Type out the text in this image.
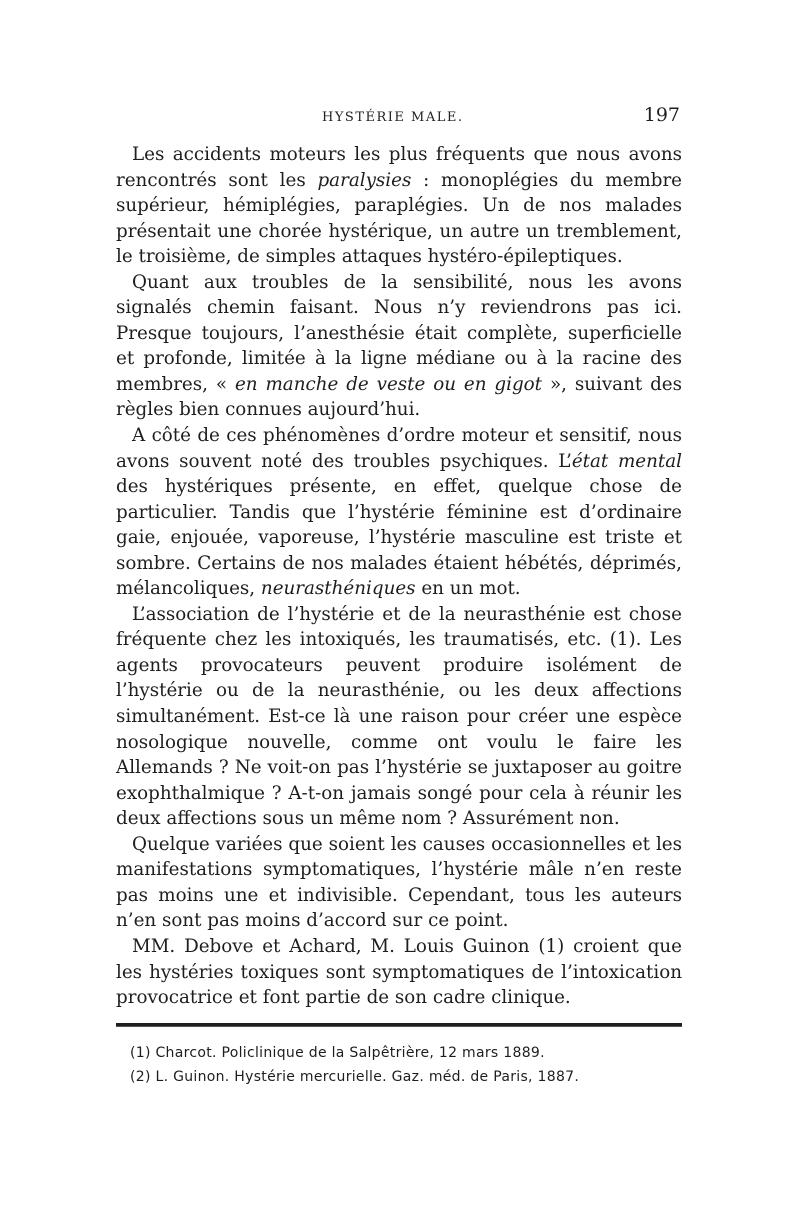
HYSTÉRIE MALE.	197

Les accidents moteurs les plus fréquents que nous avons rencontrés sont les paralysies : monoplégies du membre supérieur, hémiplégies, paraplégies. Un de nos malades présentait une chorée hystérique, un autre un tremblement, le troisième, de simples attaques hystéro-épileptiques.

Quant aux troubles de la sensibilité, nous les avons signalés chemin faisant. Nous n’y reviendrons pas ici. Presque toujours, l’anesthésie était complète, superficielle et profonde, limitée à la ligne médiane ou à la racine des membres, « en manche de veste ou en gigot », suivant des règles bien connues aujourd’hui.

A côté de ces phénomènes d’ordre moteur et sensitif, nous avons souvent noté des troubles psychiques. L’état mental des hystériques présente, en effet, quelque chose de particulier. Tandis que l’hystérie féminine est d’ordinaire gaie, enjouée, vaporeuse, l’hystérie masculine est triste et sombre. Certains de nos malades étaient hébétés, déprimés, mélancoliques, neurasthéniques en un mot.

L’association de l’hystérie et de la neurasthénie est chose fréquente chez les intoxiqués, les traumatisés, etc. (1). Les agents provocateurs peuvent produire isolément de l’hystérie ou de la neurasthénie, ou les deux affections simultanément. Est-ce là une raison pour créer une espèce nosologique nouvelle, comme ont voulu le faire les Allemands ? Ne voit-on pas l’hystérie se juxtaposer au goitre exophthalmique ? A-t-on jamais songé pour cela à réunir les deux affections sous un même nom ? Assurément non.

Quelque variées que soient les causes occasionnelles et les manifestations symptomatiques, l’hystérie mâle n’en reste pas moins une et indivisible. Cependant, tous les auteurs n’en sont pas moins d’accord sur ce point.

MM. Debove et Achard, M. Louis Guinon (1) croient que les hystéries toxiques sont symptomatiques de l’intoxication provocatrice et font partie de son cadre clinique.

(1) Charcot. Policlinique de la Salpêtrière, 12 mars 1889.
(2) L. Guinon. Hystérie mercurielle. Gaz. méd. de Paris, 1887.
